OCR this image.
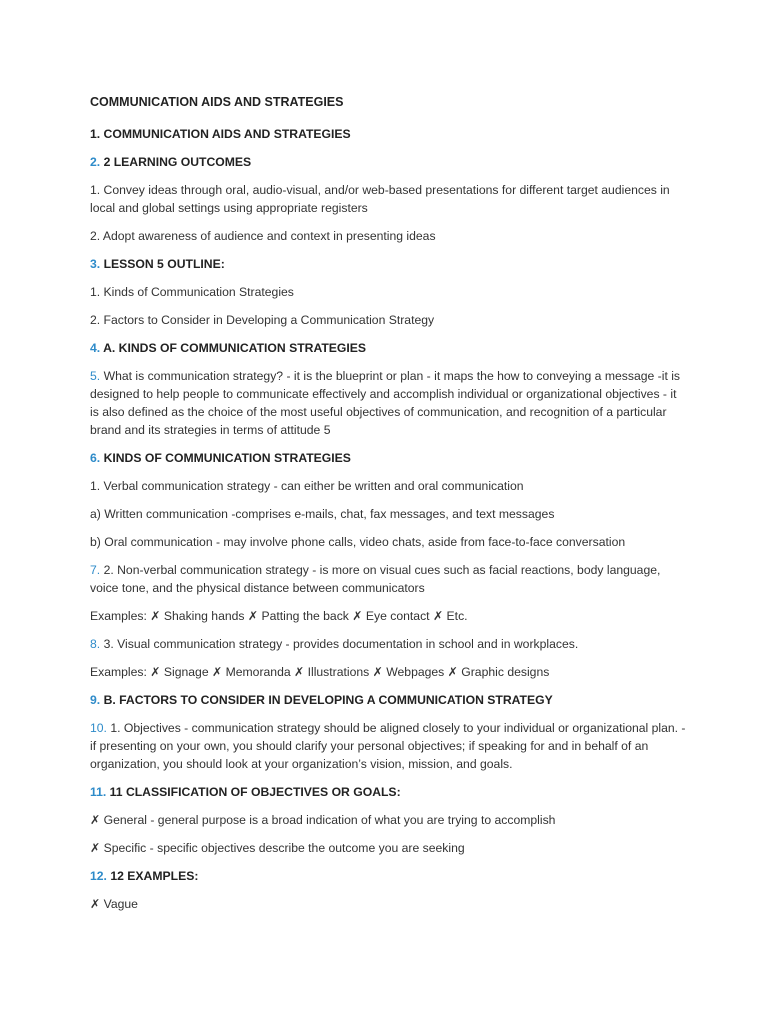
COMMUNICATION AIDS AND STRATEGIES

1. COMMUNICATION AIDS AND STRATEGIES

2. 2 LEARNING OUTCOMES

1. Convey ideas through oral, audio-visual, and/or web-based presentations for different target audiences in local and global settings using appropriate registers

2. Adopt awareness of audience and context in presenting ideas

3. LESSON 5 OUTLINE:

1. Kinds of Communication Strategies

2. Factors to Consider in Developing a Communication Strategy

4. A. KINDS OF COMMUNICATION STRATEGIES

5. What is communication strategy? - it is the blueprint or plan - it maps the how to conveying a message -it is designed to help people to communicate effectively and accomplish individual or organizational objectives - it is also defined as the choice of the most useful objectives of communication, and recognition of a particular brand and its strategies in terms of attitude 5

6. KINDS OF COMMUNICATION STRATEGIES

1. Verbal communication strategy - can either be written and oral communication

a) Written communication -comprises e-mails, chat, fax messages, and text messages

b) Oral communication - may involve phone calls, video chats, aside from face-to-face conversation

7. 2. Non-verbal communication strategy - is more on visual cues such as facial reactions, body language, voice tone, and the physical distance between communicators

Examples: ✗ Shaking hands ✗ Patting the back ✗ Eye contact ✗ Etc.

8. 3. Visual communication strategy - provides documentation in school and in workplaces.

Examples: ✗ Signage ✗ Memoranda ✗ Illustrations ✗ Webpages ✗ Graphic designs

9. B. FACTORS TO CONSIDER IN DEVELOPING A COMMUNICATION STRATEGY

10. 1. Objectives - communication strategy should be aligned closely to your individual or organizational plan. - if presenting on your own, you should clarify your personal objectives; if speaking for and in behalf of an organization, you should look at your organization’s vision, mission, and goals.

11. 11 CLASSIFICATION OF OBJECTIVES OR GOALS:

✗ General - general purpose is a broad indication of what you are trying to accomplish

✗ Specific - specific objectives describe the outcome you are seeking

12. 12 EXAMPLES:

✗ Vague
